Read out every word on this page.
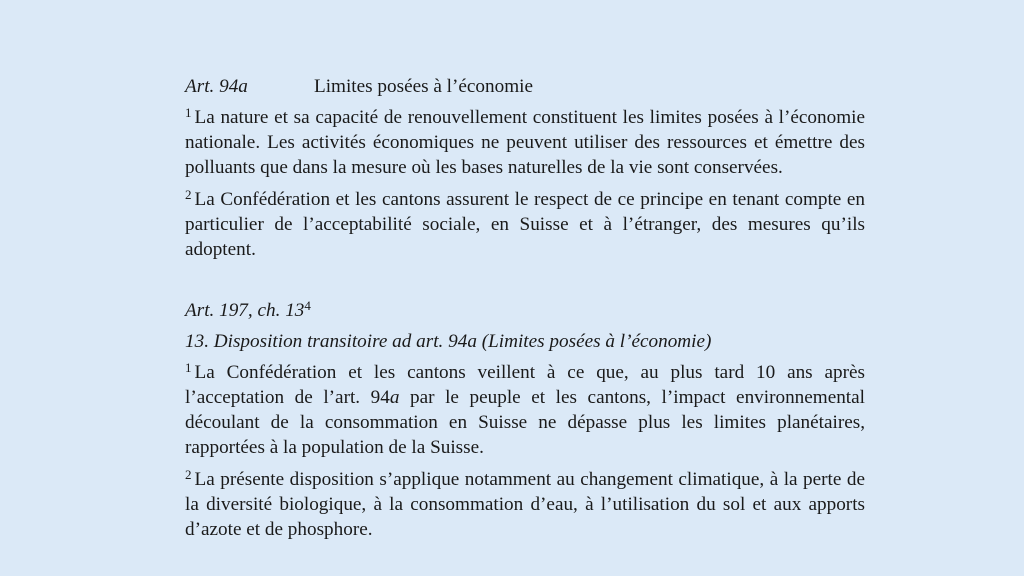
Art. 94a	Limites posées à l’économie

$^1$ La nature et sa capacité de renouvellement constituent les limites posées à l’économie nationale. Les activités économiques ne peuvent utiliser des ressources et émettre des polluants que dans la mesure où les bases naturelles de la vie sont conservées.

$^2$ La Confédération et les cantons assurent le respect de ce principe en tenant compte en particulier de l’acceptabilité sociale, en Suisse et à l’étranger, des mesures qu’ils adoptent.

Art. 197, ch. $13^4$
13. Disposition transitoire ad art. 94a (Limites posées à l’économie)

$^1$ La Confédération et les cantons veillent à ce que, au plus tard 10 ans après l’acceptation de l’art. 94a par le peuple et les cantons, l’impact environnemental découlant de la consommation en Suisse ne dépasse plus les limites planétaires, rapportées à la population de la Suisse.

$^2$ La présente disposition s’applique notamment au changement climatique, à la perte de la diversité biologique, à la consommation d’eau, à l’utilisation du sol et aux apports d’azote et de phosphore.
